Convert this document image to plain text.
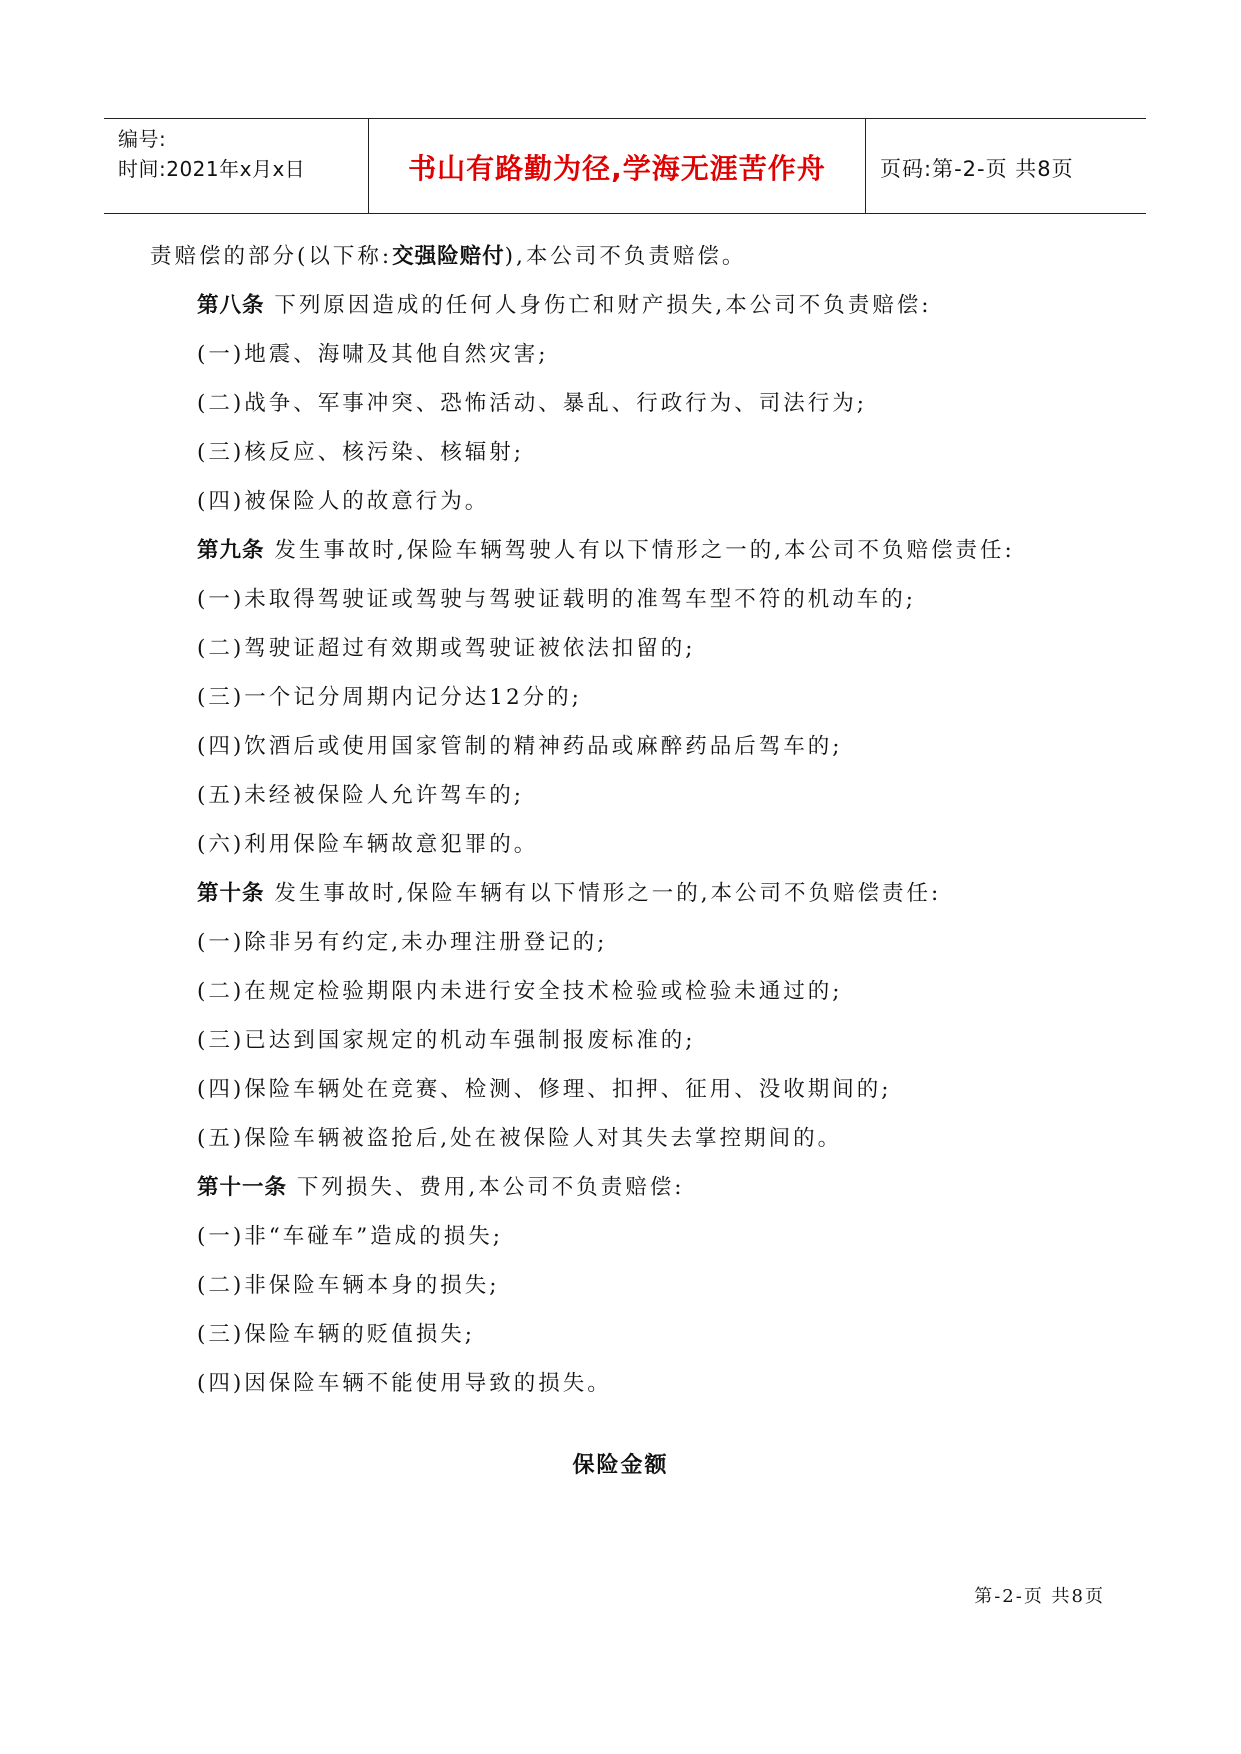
编号:
时间:2021年x月x日	书山有路勤为径,学海无涯苦作舟	页码:第-2-页 共8页
责赔偿的部分(以下称:交强险赔付),本公司不负责赔偿。
第八条 下列原因造成的任何人身伤亡和财产损失,本公司不负责赔偿:
(一)地震、海啸及其他自然灾害;
(二)战争、军事冲突、恐怖活动、暴乱、行政行为、司法行为;
(三)核反应、核污染、核辐射;
(四)被保险人的故意行为。
第九条 发生事故时,保险车辆驾驶人有以下情形之一的,本公司不负赔偿责任:
(一)未取得驾驶证或驾驶与驾驶证载明的准驾车型不符的机动车的;
(二)驾驶证超过有效期或驾驶证被依法扣留的;
(三)一个记分周期内记分达12分的;
(四)饮酒后或使用国家管制的精神药品或麻醉药品后驾车的;
(五)未经被保险人允许驾车的;
(六)利用保险车辆故意犯罪的。
第十条 发生事故时,保险车辆有以下情形之一的,本公司不负赔偿责任:
(一)除非另有约定,未办理注册登记的;
(二)在规定检验期限内未进行安全技术检验或检验未通过的;
(三)已达到国家规定的机动车强制报废标准的;
(四)保险车辆处在竞赛、检测、修理、扣押、征用、没收期间的;
(五)保险车辆被盗抢后,处在被保险人对其失去掌控期间的。
第十一条 下列损失、费用,本公司不负责赔偿:
(一)非“车碰车”造成的损失;
(二)非保险车辆本身的损失;
(三)保险车辆的贬值损失;
(四)因保险车辆不能使用导致的损失。
保险金额
第-2-页 共8页
